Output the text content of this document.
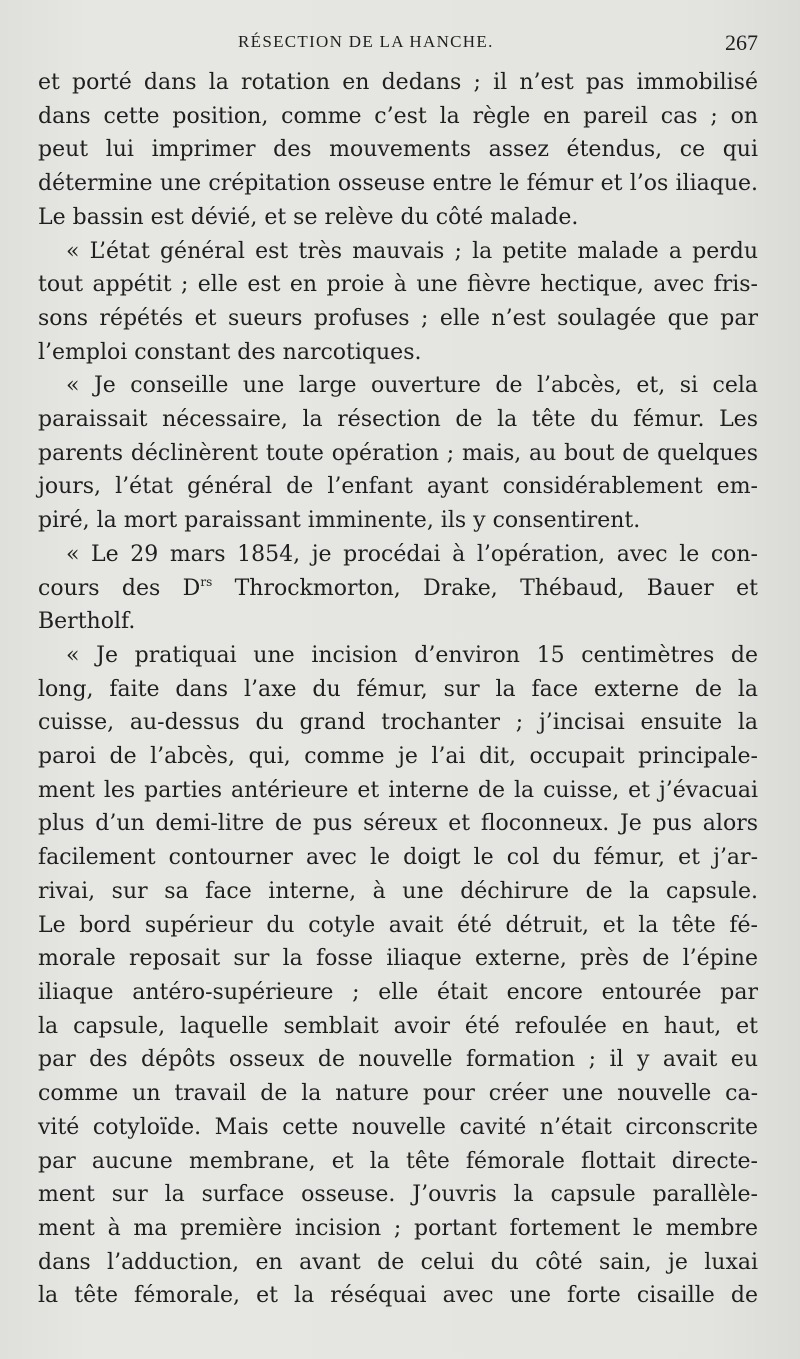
RÉSECTION DE LA HANCHE.	267
et porté dans la rotation en dedans ; il n’est pas immobilisé
dans cette position, comme c’est la règle en pareil cas ; on
peut lui imprimer des mouvements assez étendus, ce qui
détermine une crépitation osseuse entre le fémur et l’os iliaque.
Le bassin est dévié, et se relève du côté malade.
« L’état général est très mauvais ; la petite malade a perdu
tout appétit ; elle est en proie à une fièvre hectique, avec fris-
sons répétés et sueurs profuses ; elle n’est soulagée que par
l’emploi constant des narcotiques.
« Je conseille une large ouverture de l’abcès, et, si cela
paraissait nécessaire, la résection de la tête du fémur. Les
parents déclinèrent toute opération ; mais, au bout de quelques
jours, l’état général de l’enfant ayant considérablement em-
piré, la mort paraissant imminente, ils y consentirent.
« Le 29 mars 1854, je procédai à l’opération, avec le con-
cours des $D^{rs}$ Throckmorton, Drake, Thébaud, Bauer et
Bertholf.
« Je pratiquai une incision d’environ 15 centimètres de
long, faite dans l’axe du fémur, sur la face externe de la
cuisse, au-dessus du grand trochanter ; j’incisai ensuite la
paroi de l’abcès, qui, comme je l’ai dit, occupait principale-
ment les parties antérieure et interne de la cuisse, et j’évacuai
plus d’un demi-litre de pus séreux et floconneux. Je pus alors
facilement contourner avec le doigt le col du fémur, et j’ar-
rivai, sur sa face interne, à une déchirure de la capsule.
Le bord supérieur du cotyle avait été détruit, et la tête fé-
morale reposait sur la fosse iliaque externe, près de l’épine
iliaque antéro-supérieure ; elle était encore entourée par
la capsule, laquelle semblait avoir été refoulée en haut, et
par des dépôts osseux de nouvelle formation ; il y avait eu
comme un travail de la nature pour créer une nouvelle ca-
vité cotyloïde. Mais cette nouvelle cavité n’était circonscrite
par aucune membrane, et la tête fémorale flottait directe-
ment sur la surface osseuse. J’ouvris la capsule parallèle-
ment à ma première incision ; portant fortement le membre
dans l’adduction, en avant de celui du côté sain, je luxai
la tête fémorale, et la réséquai avec une forte cisaille de
